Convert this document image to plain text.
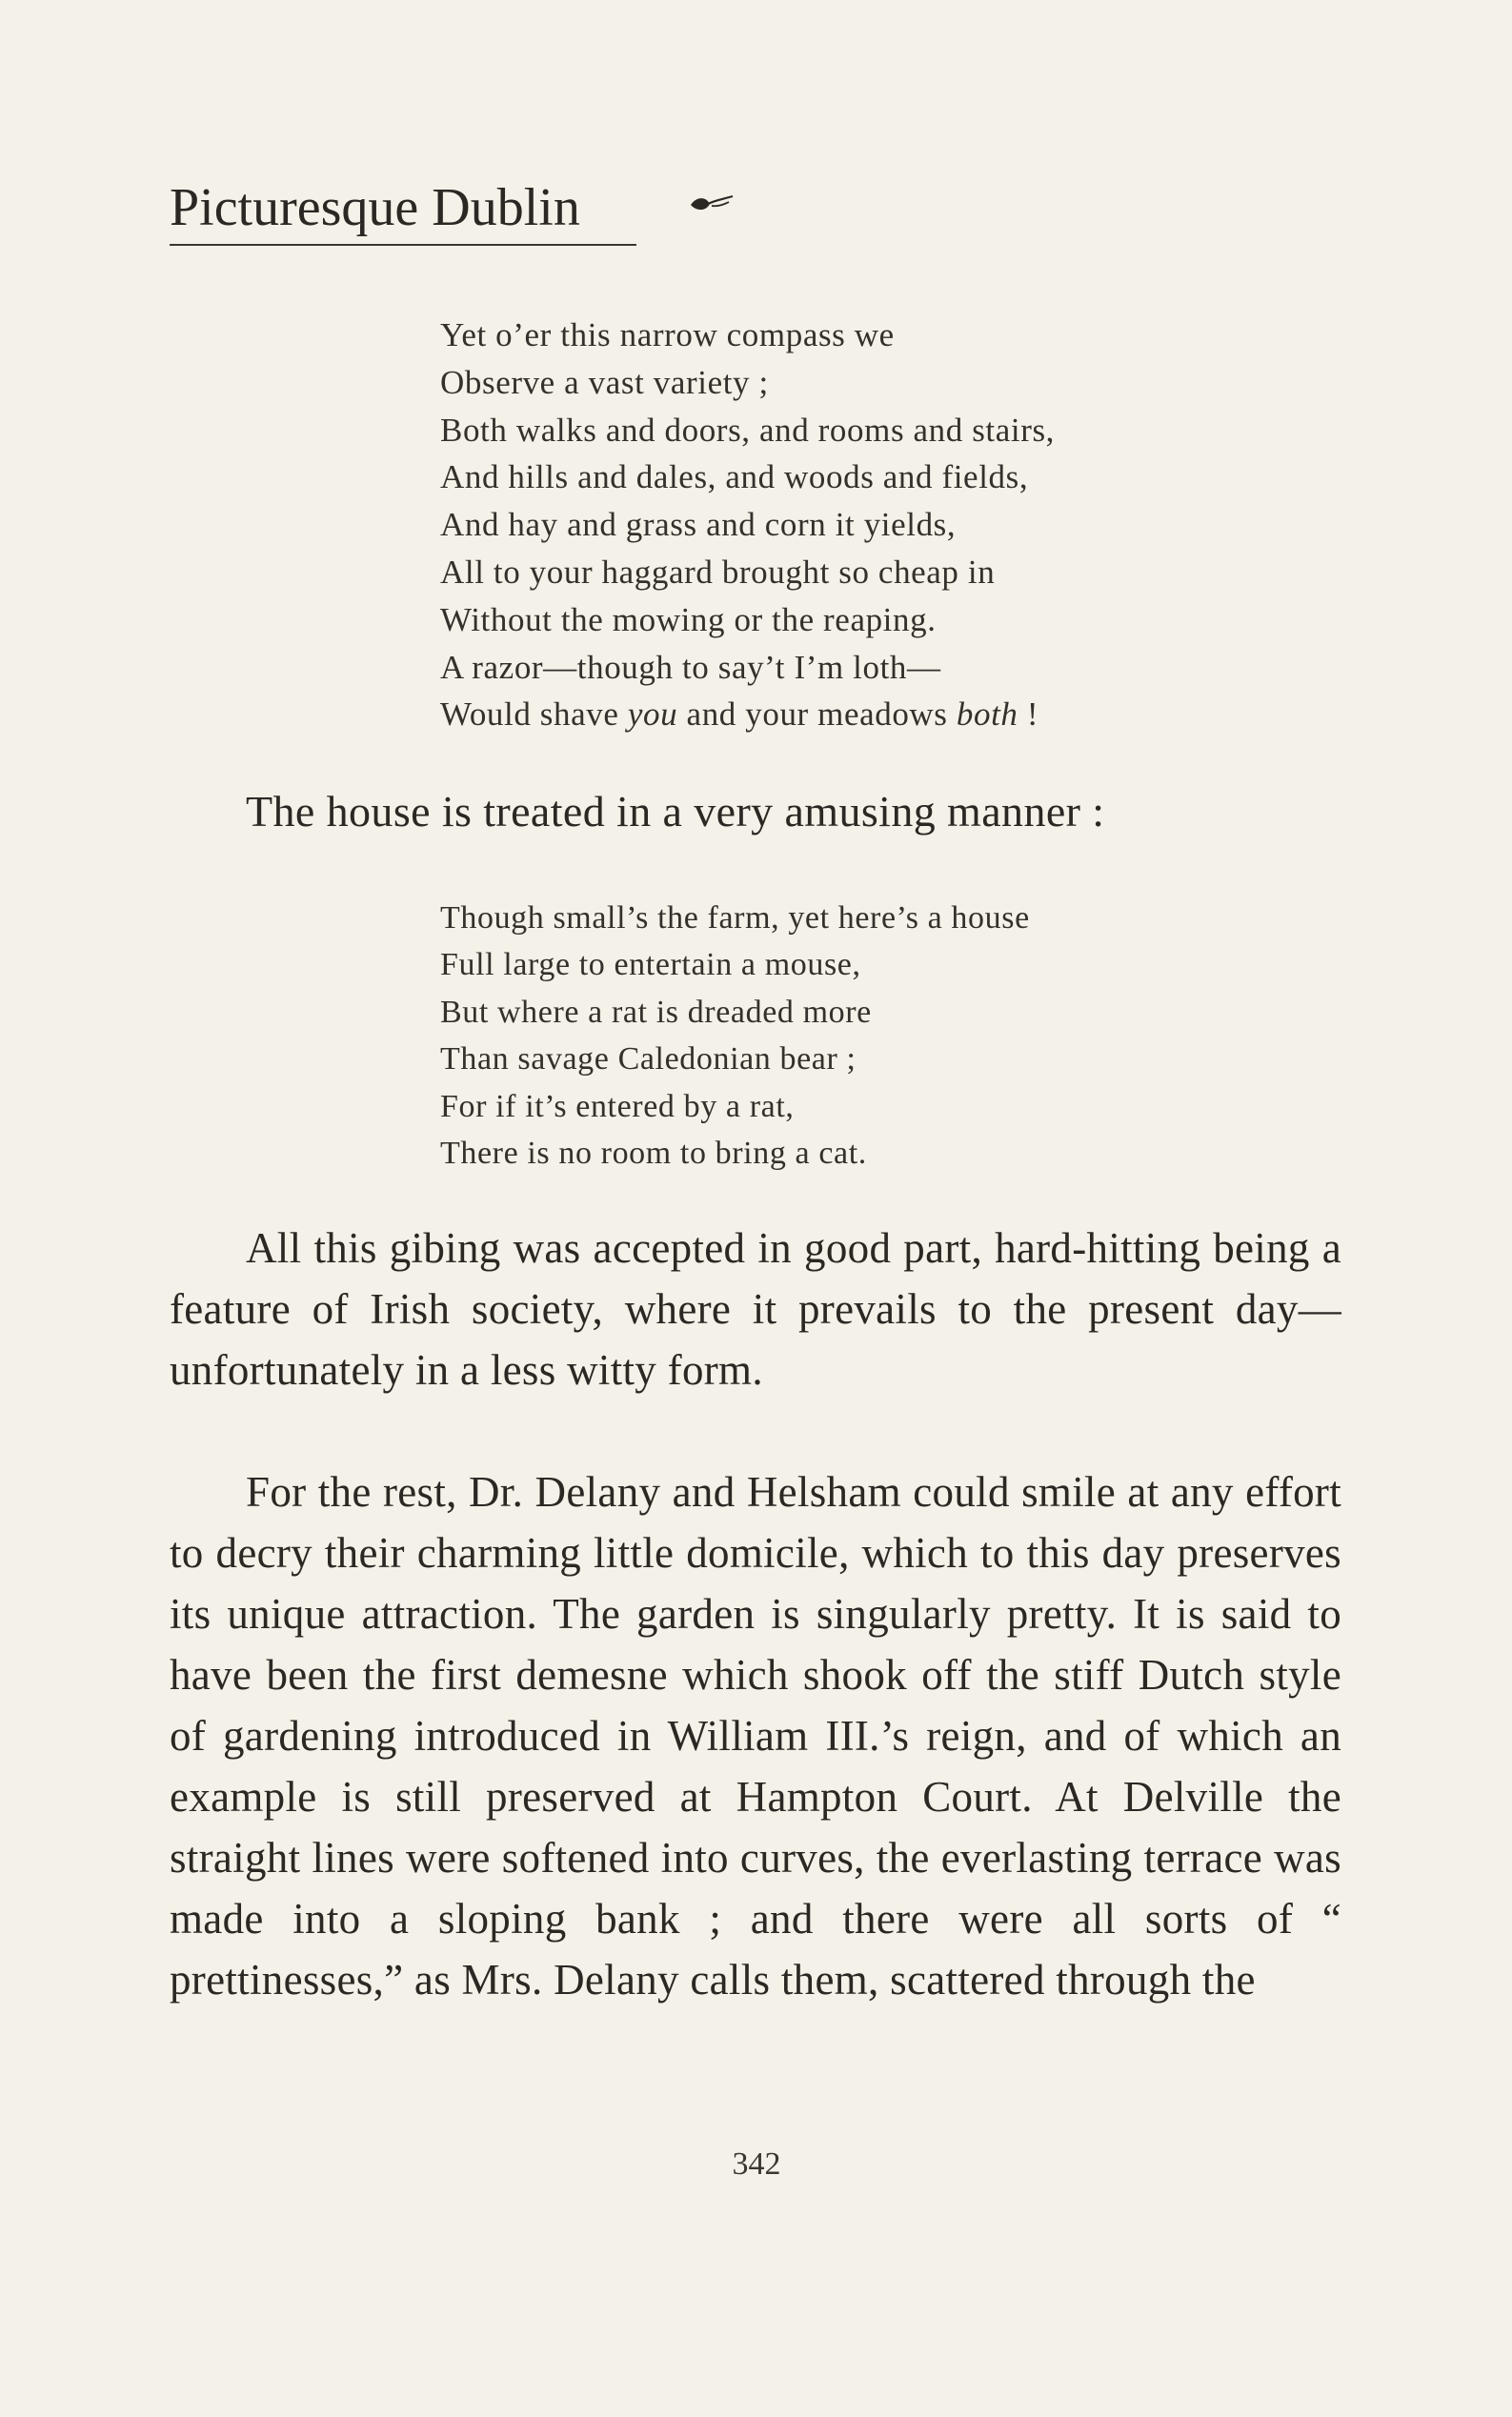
Picturesque Dublin
Yet o’er this narrow compass we
Observe a vast variety ;
Both walks and doors, and rooms and stairs,
And hills and dales, and woods and fields,
And hay and grass and corn it yields,
All to your haggard brought so cheap in
Without the mowing or the reaping.
A razor—though to say’t I’m loth—
Would shave you and your meadows both !
The house is treated in a very amusing manner :
Though small’s the farm, yet here’s a house
Full large to entertain a mouse,
But where a rat is dreaded more
Than savage Caledonian bear ;
For if it’s entered by a rat,
There is no room to bring a cat.

All this gibing was accepted in good part, hard-hitting being a feature of Irish society, where it prevails to the present day—unfortunately in a less witty form.

For the rest, Dr. Delany and Helsham could smile at any effort to decry their charming little domicile, which to this day preserves its unique attraction. The garden is singularly pretty. It is said to have been the first demesne which shook off the stiff Dutch style of gardening introduced in William III.’s reign, and of which an example is still preserved at Hampton Court. At Delville the straight lines were softened into curves, the everlasting terrace was made into a sloping bank ; and there were all sorts of “ prettinesses,” as Mrs. Delany calls them, scattered through the

342
